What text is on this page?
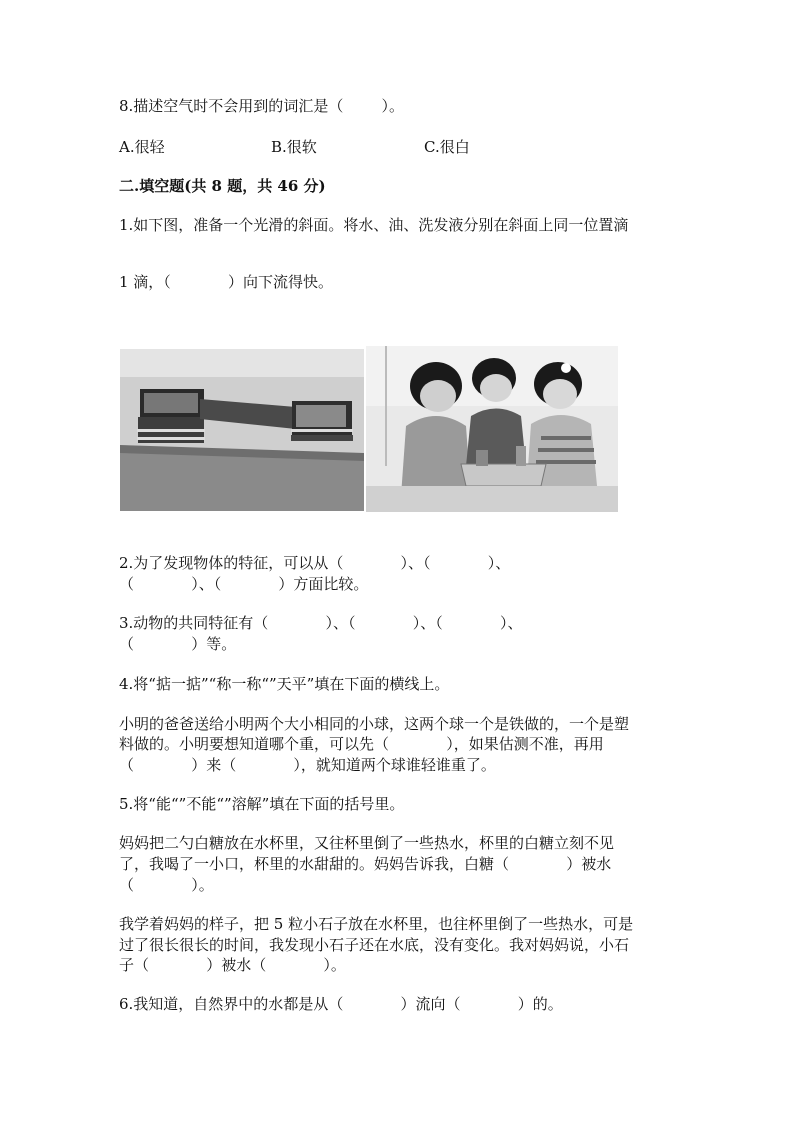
8.描述空气时不会用到的词汇是（        ）。
A.很轻	B.很软	C.很白
二.填空题(共 8 题，共 46 分)
1.如下图，准备一个光滑的斜面。将水、油、洗发液分别在斜面上同一位置滴
1 滴，（            ）向下流得快。
2.为了发现物体的特征，可以从（            ）、（            ）、
（            ）、（            ）方面比较。
3.动物的共同特征有（            ）、（            ）、（            ）、
（            ）等。
4.将“掂一掂”“称一称“”天平”填在下面的横线上。
小明的爸爸送给小明两个大小相同的小球，这两个球一个是铁做的，一个是塑
料做的。小明要想知道哪个重，可以先（            ），如果估测不准，再用
（            ）来（            ），就知道两个球谁轻谁重了。
5.将“能“”不能“”溶解”填在下面的括号里。
妈妈把二勺白糖放在水杯里，又往杯里倒了一些热水，杯里的白糖立刻不见
了，我喝了一小口，杯里的水甜甜的。妈妈告诉我，白糖（            ）被水
（            ）。
我学着妈妈的样子，把 5 粒小石子放在水杯里，也往杯里倒了一些热水，可是
过了很长很长的时间，我发现小石子还在水底，没有变化。我对妈妈说，小石
子（            ）被水（            ）。
6.我知道，自然界中的水都是从（            ）流向（            ）的。
